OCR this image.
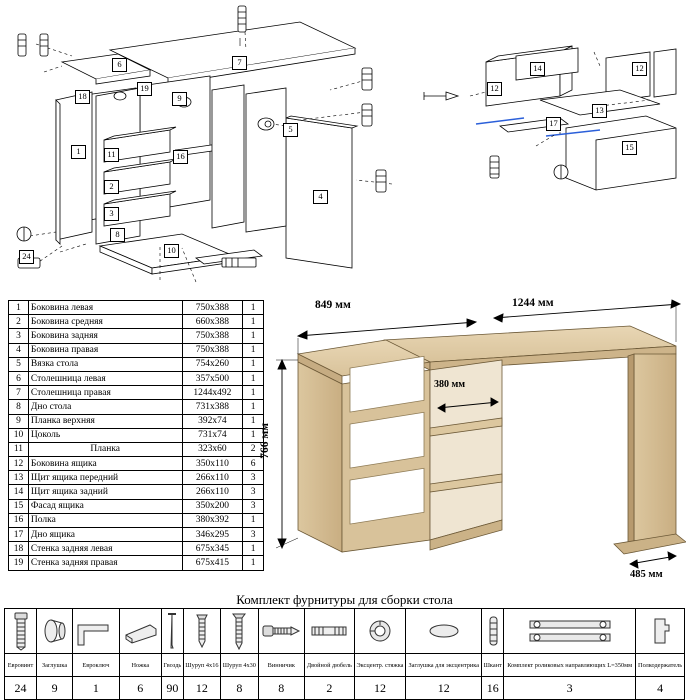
6	7
19
18	9
5
1	11	16
2
3
4
8
10
24
14
12
12
13
17
15
1	Боковина левая	750x388	1
2	Боковина средняя	660x388	1
3	Боковина задняя	750x388	1
4	Боковина правая	750x388	1
5	Вязка стола	754x260	1
6	Столешница левая	357x500	1
7	Столешница правая	1244x492	1
8	Дно стола	731x388	1
9	Планка верхняя	392x74	1
10	Цоколь	731x74	1
11	Планка	323x60	2
12	Боковина ящика	350x110	6
13	Щит ящика передний	266x110	3
14	Щит ящика задний	266x110	3
15	Фасад ящика	350x200	3
16	Полка	380x392	1
17	Дно ящика	346x295	3
18	Стенка задняя левая	675x345	1
19	Стенка задняя правая	675x415	1
849 мм	1244 мм
766 мм
380 мм
485 мм
Комплект фурнитуры для сборки стола

Евровинт	Заглушка	Евроключ	Ножка	Гвоздь	Шуруп 4x16	Шуруп 4x30	Винничик	Двойной дюбель	Эксцентр. стяжка	Заглушка для эксцентрика	Шкант	Комплект роликовых направляющих L=350мм	Полкодержатель
24	9	1	6	90	12	8	8	2	12	12	16	3	4
